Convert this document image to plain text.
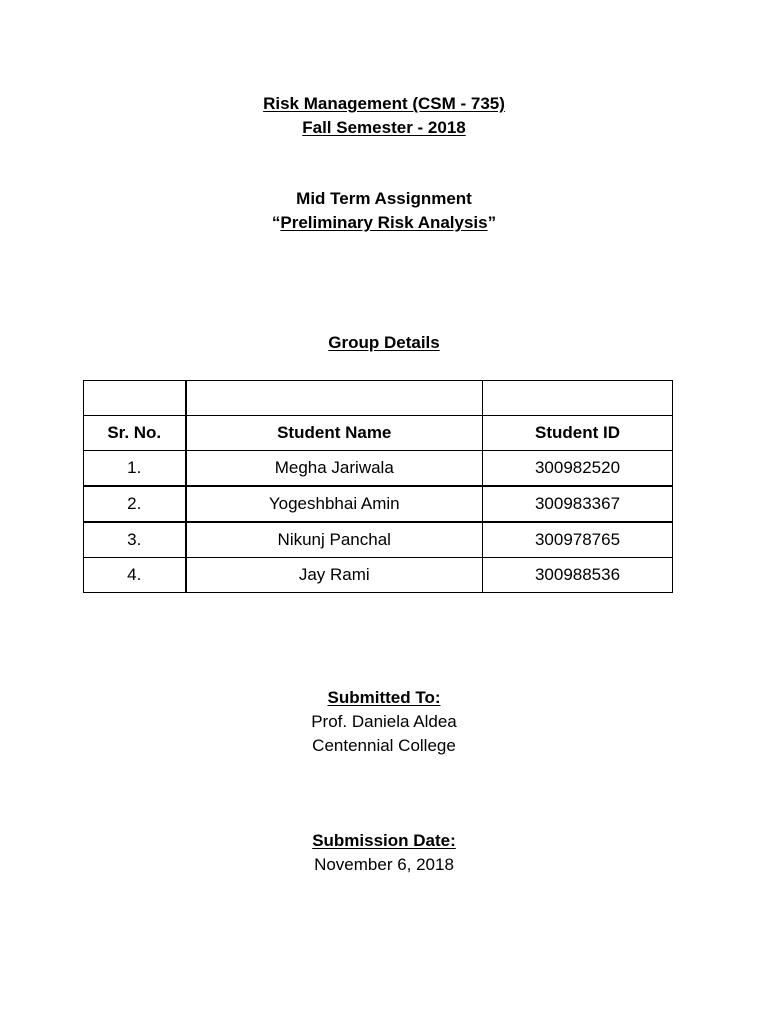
Risk Management (CSM - 735)
Fall Semester - 2018
Mid Term Assignment
“Preliminary Risk Analysis”
Group Details

Sr. No.	Student Name	Student ID
1.	Megha Jariwala	300982520
2.	Yogeshbhai Amin	300983367
3.	Nikunj Panchal	300978765
4.	Jay Rami	300988536
Submitted To:
Prof. Daniela Aldea
Centennial College
Submission Date:
November 6, 2018
